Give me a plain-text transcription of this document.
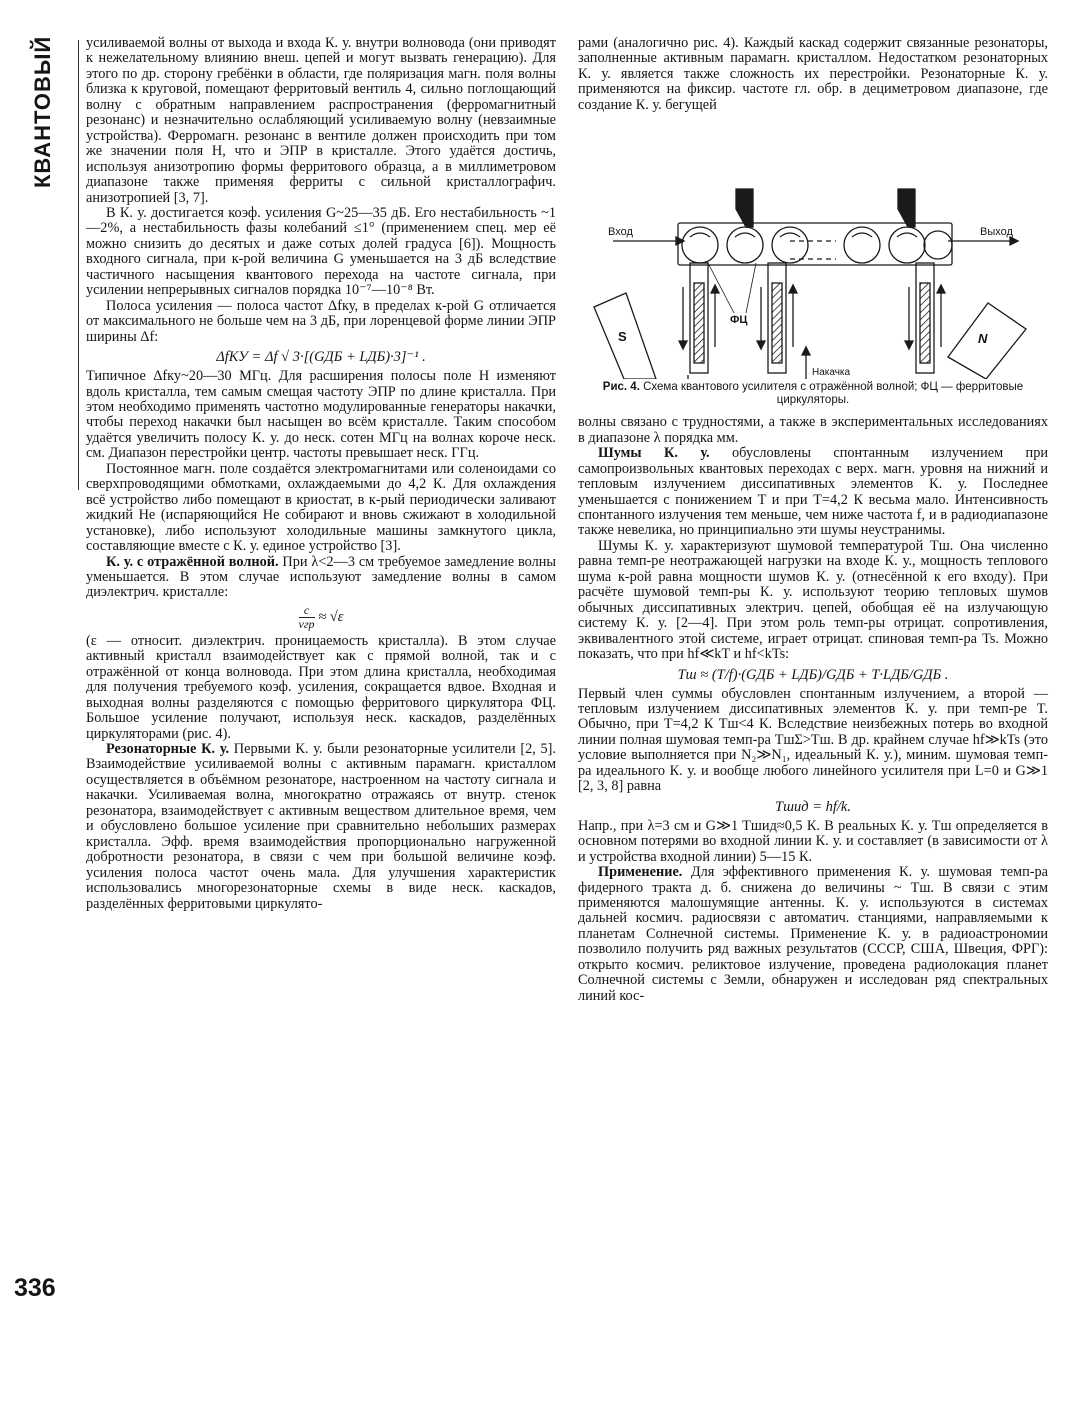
КВАНТОВЫЙ
336

усиливаемой волны от выхода и входа К. у. внутри волновода (они приводят к нежелательному влиянию внеш. цепей и могут вызвать генерацию). Для этого по др. сторону гребёнки в области, где поляризация магн. поля волны близка к круговой, помещают ферритовый вентиль 4, сильно поглощающий волну с обратным направлением распространения (ферромагнитный резонанс) и незначительно ослабляющий усиливаемую волну (невзаимные устройства). Ферромагн. резонанс в вентиле должен происходить при том же значении поля H, что и ЭПР в кристалле. Этого удаётся достичь, используя анизотропию формы ферритового образца, а в миллиметровом диапазоне также применяя ферриты с сильной кристаллографич. анизотропией [3, 7].

В К. у. достигается коэф. усиления G~25—35 дБ. Его нестабильность ~1—2%, а нестабильность фазы колебаний ≤1° (применением спец. мер её можно снизить до десятых и даже сотых долей градуса [6]). Мощность входного сигнала, при к-рой величина G уменьшается на 3 дБ вследствие частичного насыщения квантового перехода на частоте сигнала, при усилении непрерывных сигналов порядка 10⁻⁷—10⁻⁸ Вт.

Полоса усиления — полоса частот Δfку, в пределах к-рой G отличается от максимального не больше чем на 3 дБ, при лоренцевой форме линии ЭПР ширины Δf:

ΔfКУ = Δf √ 3·[(GДБ + LДБ)·3]⁻¹ .

Типичное Δfку~20—30 МГц. Для расширения полосы поле H изменяют вдоль кристалла, тем самым смещая частоту ЭПР по длине кристалла. При этом необходимо применять частотно модулированные генераторы накачки, чтобы переход накачки был насыщен во всём кристалле. Таким способом удаётся увеличить полосу К. у. до неск. сотен МГц на волнах короче неск. см. Диапазон перестройки центр. частоты превышает неск. ГГц.

Постоянное магн. поле создаётся электромагнитами или соленоидами со сверхпроводящими обмотками, охлаждаемыми до 4,2 К. Для охлаждения всё устройство либо помещают в криостат, в к-рый периодически заливают жидкий He (испаряющийся He собирают и вновь сжижают в холодильной установке), либо используют холодильные машины замкнутого цикла, составляющие вместе с К. у. единое устройство [3].

К. у. с отражённой волной. При λ<2—3 см требуемое замедление волны уменьшается. В этом случае используют замедление волны в самом диэлектрич. кристалле:

$\frac{c}{\text{vгр}} \approx √\varepsilon$

(ε — относит. диэлектрич. проницаемость кристалла). В этом случае активный кристалл взаимодействует как с прямой волной, так и с отражённой от конца волновода. При этом длина кристалла, необходимая для получения требуемого коэф. усиления, сокращается вдвое. Входная и выходная волны разделяются с помощью ферритового циркулятора ФЦ. Большое усиление получают, используя неск. каскадов, разделённых циркуляторами (рис. 4).

Резонаторные К. у. Первыми К. у. были резонаторные усилители [2, 5]. Взаимодействие усиливаемой волны с активным парамагн. кристаллом осуществляется в объёмном резонаторе, настроенном на частоту сигнала и накачки. Усиливаемая волна, многократно отражаясь от внутр. стенок резонатора, взаимодействует с активным веществом длительное время, чем и обусловлено большое усиление при сравнительно небольших размерах кристалла. Эфф. время взаимодействия пропорционально нагруженной добротности резонатора, в связи с чем при большой величине коэф. усиления полоса частот очень мала. Для улучшения характеристик использовались многорезонаторные схемы в виде неск. каскадов, разделённых ферритовыми циркулято-

рами (аналогично рис. 4). Каждый каскад содержит связанные резонаторы, заполненные активным парамагн. кристаллом. Недостатком резонаторных К. у. является также сложность их перестройки. Резонаторные К. у. применяются на фиксир. частоте гл. обр. в дециметровом диапазоне, где создание К. у. бегущей

Вход	Выход
ФЦ
Накачка
S	N
Рис. 4. Схема квантового усилителя с отражённой волной; ФЦ — ферритовые циркуляторы.

волны связано с трудностями, а также в экспериментальных исследованиях в диапазоне λ порядка мм.

Шумы К. у. обусловлены спонтанным излучением при самопроизвольных квантовых переходах с верх. магн. уровня на нижний и тепловым излучением диссипативных элементов К. у. Последнее уменьшается с понижением T и при T=4,2 К весьма мало. Интенсивность спонтанного излучения тем меньше, чем ниже частота f, и в радиодиапазоне также невелика, но принципиально эти шумы неустранимы.

Шумы К. у. характеризуют шумовой температурой Tш. Она численно равна темп-ре неотражающей нагрузки на входе К. у., мощность теплового шума к-рой равна мощности шумов К. у. (отнесённой к его входу). При расчёте шумовой темп-ры К. у. используют теорию тепловых шумов обычных диссипативных электрич. цепей, обобщая её на излучающую систему К. у. [2—4]. При этом роль темп-ры отрицат. сопротивления, эквивалентного этой системе, играет отрицат. спиновая темп-ра Ts. Можно показать, что при hf≪kT и hf<kTs:

Tш ≈ (T/f)·(GДБ + LДБ)/GДБ + T·LДБ/GДБ .

Первый член суммы обусловлен спонтанным излучением, а второй — тепловым излучением диссипативных элементов К. у. при темп-ре T. Обычно, при T=4,2 К Tш<4 К. Вследствие неизбежных потерь во входной линии полная шумовая темп-ра TшΣ>Tш. В др. крайнем случае hf≫kTs (это условие выполняется при N₂≫N₁, идеальный К. у.), миним. шумовая темп-ра идеального К. у. и вообще любого линейного усилителя при L=0 и G≫1 [2, 3, 8] равна

Tшид = hf/k.

Напр., при λ=3 см и G≫1 Tшид≈0,5 К. В реальных К. у. Tш определяется в основном потерями во входной линии К. у. и составляет (в зависимости от λ и устройства входной линии) 5—15 К.

Применение. Для эффективного применения К. у. шумовая темп-ра фидерного тракта д. б. снижена до величины ~ Tш. В связи с этим применяются малошумящие антенны. К. у. используются в системах дальней космич. радиосвязи с автоматич. станциями, направляемыми к планетам Солнечной системы. Применение К. у. в радиоастрономии позволило получить ряд важных результатов (СССР, США, Швеция, ФРГ): открыто космич. реликтовое излучение, проведена радиолокация планет Солнечной системы с Земли, обнаружен и исследован ряд спектральных линий кос-
